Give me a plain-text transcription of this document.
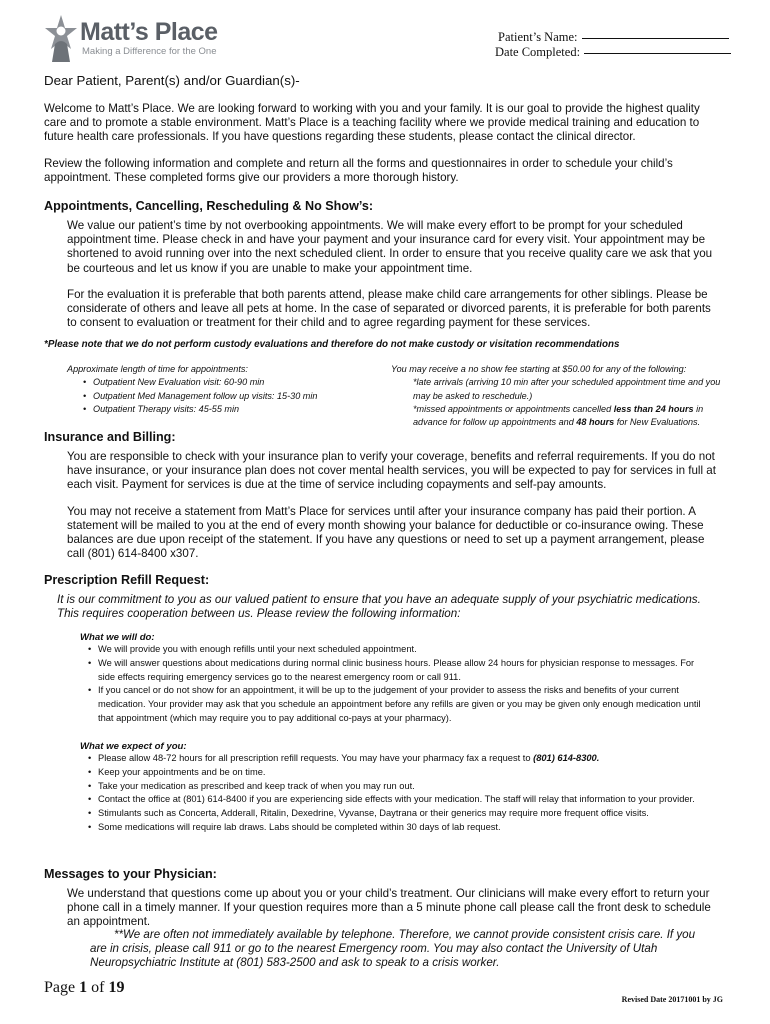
Matt’s Place
Making a Difference for the One
Patient’s Name:
Date Completed:
Dear Patient, Parent(s) and/or Guardian(s)-

Welcome to Matt’s Place. We are looking forward to working with you and your family. It is our goal to provide the highest quality care and to promote a stable environment. Matt’s Place is a teaching facility where we provide medical training and education to future health care professionals. If you have questions regarding these students, please contact the clinical director.

Review the following information and complete and return all the forms and questionnaires in order to schedule your child’s appointment. These completed forms give our providers a more thorough history.

Appointments, Cancelling, Rescheduling & No Show’s:

We value our patient’s time by not overbooking appointments. We will make every effort to be prompt for your scheduled appointment time. Please check in and have your payment and your insurance card for every visit. Your appointment may be shortened to avoid running over into the next scheduled client. In order to ensure that you receive quality care we ask that you be courteous and let us know if you are unable to make your appointment time.

For the evaluation it is preferable that both parents attend, please make child care arrangements for other siblings. Please be considerate of others and leave all pets at home. In the case of separated or divorced parents, it is preferable for both parents to consent to evaluation or treatment for their child and to agree regarding payment for these services.

*Please note that we do not perform custody evaluations and therefore do not make custody or visitation recommendations
Approximate length of time for appointments:
• Outpatient New Evaluation visit: 60-90 min
• Outpatient Med Management follow up visits: 15-30 min
• Outpatient Therapy visits: 45-55 min
You may receive a no show fee starting at $50.00 for any of the following:
*late arrivals (arriving 10 min after your scheduled appointment time and you may be asked to reschedule.)
*missed appointments or appointments cancelled less than 24 hours in advance for follow up appointments and 48 hours for New Evaluations.
Insurance and Billing:

You are responsible to check with your insurance plan to verify your coverage, benefits and referral requirements. If you do not have insurance, or your insurance plan does not cover mental health services, you will be expected to pay for services in full at each visit. Payment for services is due at the time of service including copayments and self-pay amounts.

You may not receive a statement from Matt’s Place for services until after your insurance company has paid their portion. A statement will be mailed to you at the end of every month showing your balance for deductible or co-insurance owing. These balances are due upon receipt of the statement. If you have any questions or need to set up a payment arrangement, please call (801) 614-8400 x307.

Prescription Refill Request:

It is our commitment to you as our valued patient to ensure that you have an adequate supply of your psychiatric medications. This requires cooperation between us. Please review the following information:

What we will do:
• We will provide you with enough refills until your next scheduled appointment.
• We will answer questions about medications during normal clinic business hours. Please allow 24 hours for physician response to messages. For side effects requiring emergency services go to the nearest emergency room or call 911.
• If you cancel or do not show for an appointment, it will be up to the judgement of your provider to assess the risks and benefits of your current medication. Your provider may ask that you schedule an appointment before any refills are given or you may be given only enough medication until that appointment (which may require you to pay additional co-pays at your pharmacy).
What we expect of you:
• Please allow 48-72 hours for all prescription refill requests. You may have your pharmacy fax a request to (801) 614-8300.
• Keep your appointments and be on time.
• Take your medication as prescribed and keep track of when you may run out.
• Contact the office at (801) 614-8400 if you are experiencing side effects with your medication. The staff will relay that information to your provider.
• Stimulants such as Concerta, Adderall, Ritalin, Dexedrine, Vyvanse, Daytrana or their generics may require more frequent office visits.
• Some medications will require lab draws. Labs should be completed within 30 days of lab request.
Messages to your Physician:

We understand that questions come up about you or your child’s treatment. Our clinicians will make every effort to return your phone call in a timely manner. If your question requires more than a 5 minute phone call please call the front desk to schedule an appointment.

**We are often not immediately available by telephone. Therefore, we cannot provide consistent crisis care. If you are in crisis, please call 911 or go to the nearest Emergency room. You may also contact the University of Utah Neuropsychiatric Institute at (801) 583-2500 and ask to speak to a crisis worker.

Page 1 of 19
Revised Date 20171001 by JG
